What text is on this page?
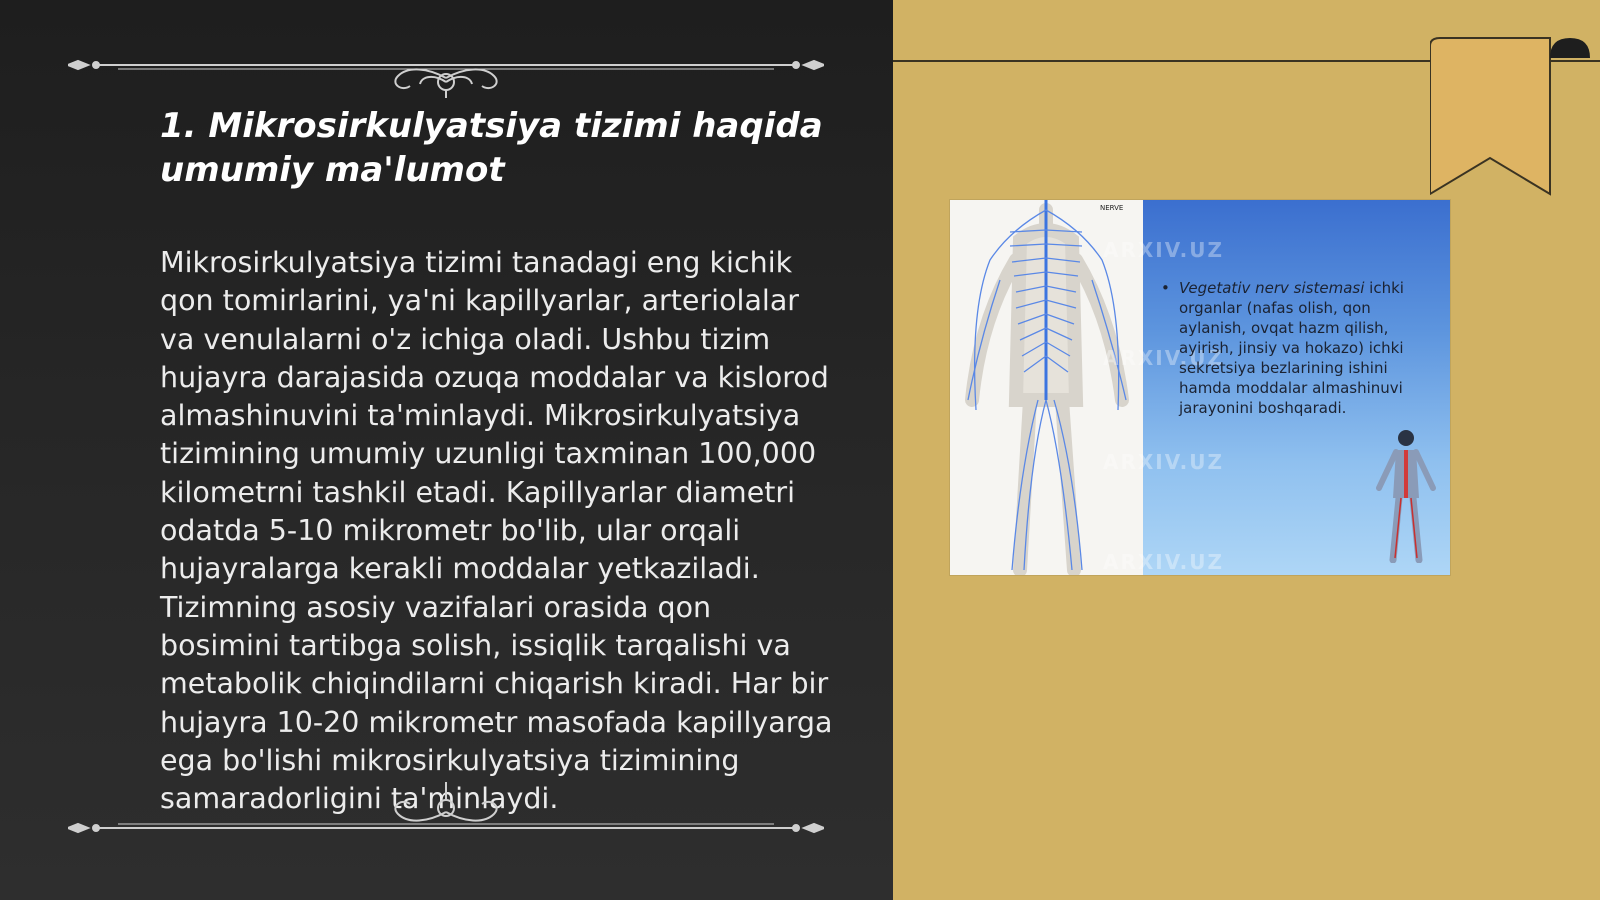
1. Mikrosirkulyatsiya tizimi haqida umumiy ma'lumot

Mikrosirkulyatsiya tizimi tanadagi eng kichik qon tomirlarini, ya'ni kapillyarlar, arteriolalar va venulalarni o'z ichiga oladi. Ushbu tizim hujayra darajasida ozuqa moddalar va kislorod almashinuvini ta'minlaydi. Mikrosirkulyatsiya tizimining umumiy uzunligi taxminan 100,000 kilometrni tashkil etadi. Kapillyarlar diametri odatda 5-10 mikrometr bo'lib, ular orqali hujayralarga kerakli moddalar yetkaziladi. Tizimning asosiy vazifalari orasida qon bosimini tartibga solish, issiqlik tarqalishi va metabolik chiqindilarni chiqarish kiradi. Har bir hujayra 10-20 mikrometr masofada kapillyarga ega bo'lishi mikrosirkulyatsiya tizimining samaradorligini ta'minlaydi.

NERVE
ARXIV.UZ
ARXIV.UZ
ARXIV.UZ
ARXIV.UZ
• Vegetativ nerv sistemasi ichki organlar (nafas olish, qon aylanish, ovqat hazm qilish, ayirish, jinsiy va hokazo) ichki sekretsiya bezlarining ishini hamda moddalar almashinuvi jarayonini boshqaradi.
